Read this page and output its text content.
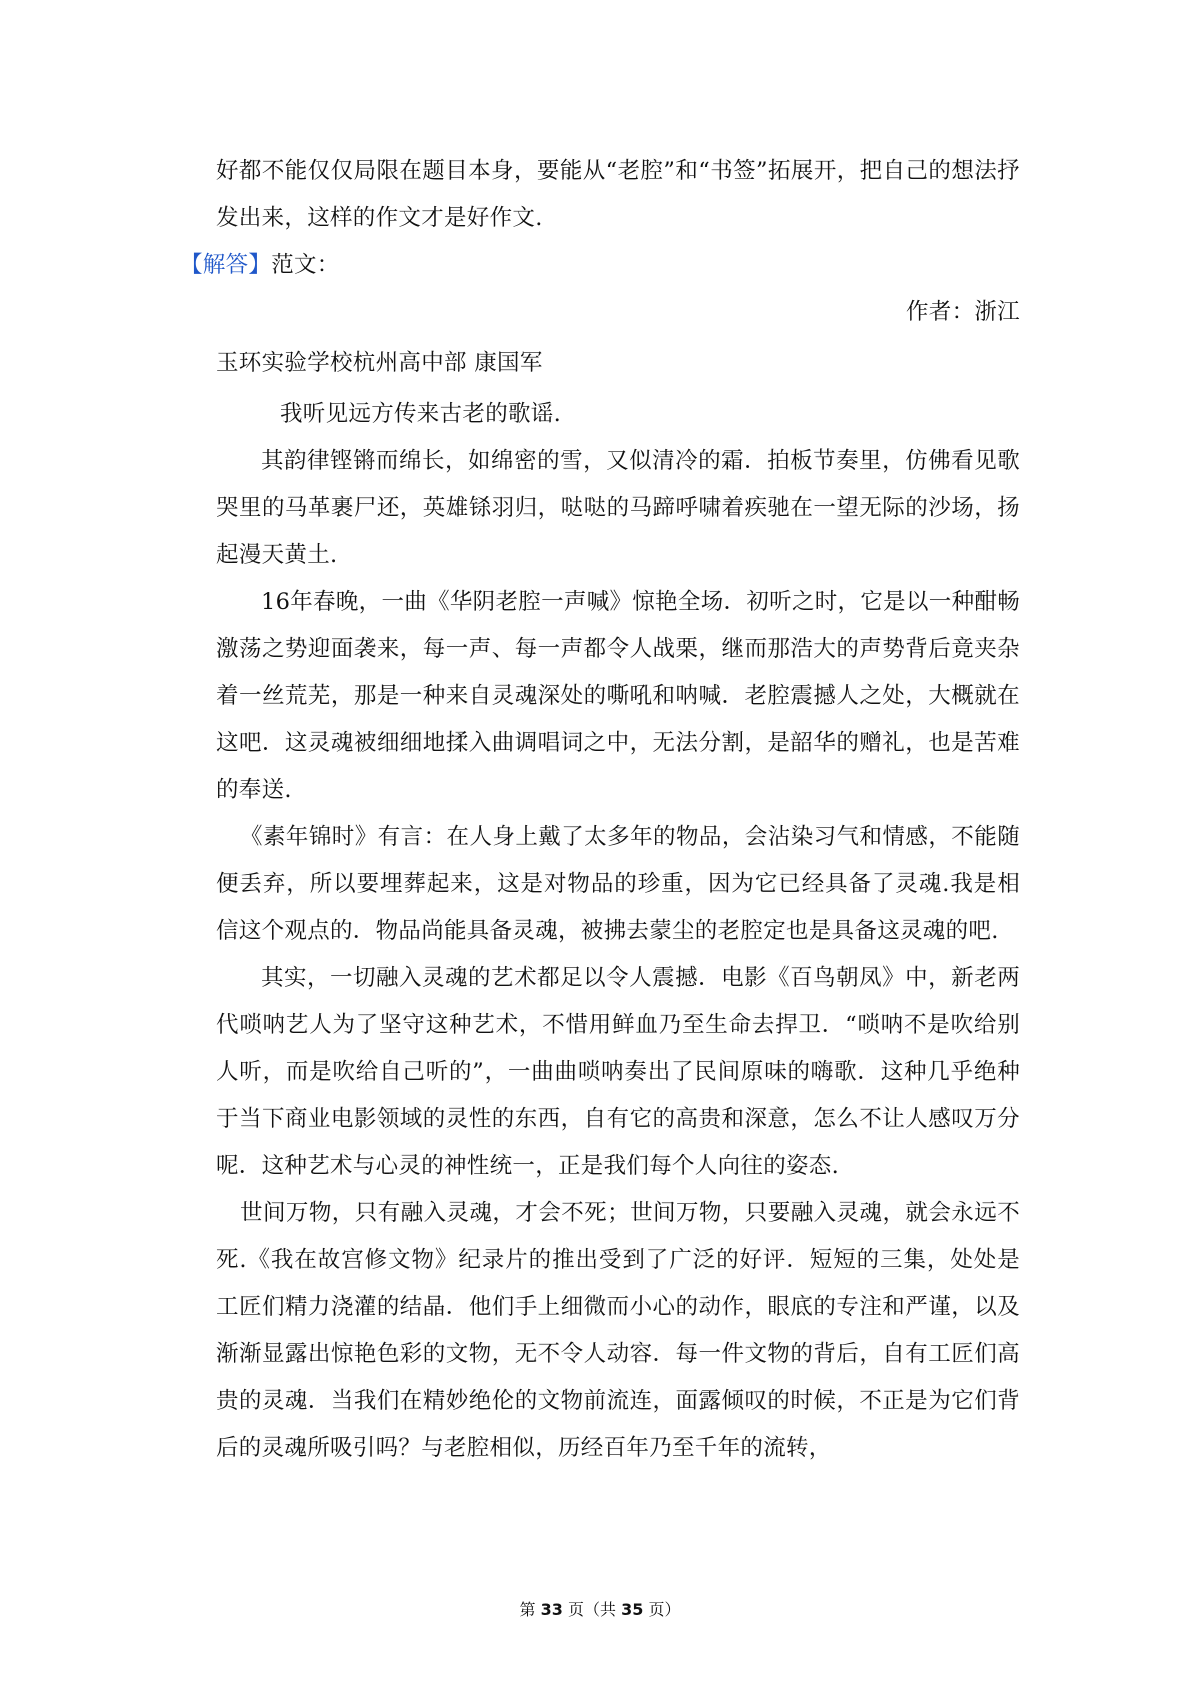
好都不能仅仅局限在题目本身，要能从“老腔”和“书签”拓展开，把自己的想法抒发出来，这样的作文才是好作文.

【解答】范文：

作者：浙江

玉环实验学校杭州高中部 康国军

我听见远方传来古老的歌谣.

其韵律铿锵而绵长，如绵密的雪，又似清冷的霜．拍板节奏里，仿佛看见歌哭里的马革裹尸还，英雄铩羽归，哒哒的马蹄呼啸着疾驰在一望无际的沙场，扬起漫天黄土.

16年春晚，一曲《华阴老腔一声喊》惊艳全场．初听之时，它是以一种酣畅激荡之势迎面袭来，每一声、每一声都令人战栗，继而那浩大的声势背后竟夹杂着一丝荒芜，那是一种来自灵魂深处的嘶吼和呐喊．老腔震撼人之处，大概就在这吧．这灵魂被细细地揉入曲调唱词之中，无法分割，是韶华的赠礼，也是苦难的奉送.

《素年锦时》有言：在人身上戴了太多年的物品，会沾染习气和情感，不能随便丢弃，所以要埋葬起来，这是对物品的珍重，因为它已经具备了灵魂.我是相信这个观点的．物品尚能具备灵魂，被拂去蒙尘的老腔定也是具备这灵魂的吧.

其实，一切融入灵魂的艺术都足以令人震撼．电影《百鸟朝凤》中，新老两代唢呐艺人为了坚守这种艺术，不惜用鲜血乃至生命去捍卫．“唢呐不是吹给别人听，而是吹给自己听的”，一曲曲唢呐奏出了民间原味的嗨歌．这种几乎绝种于当下商业电影领域的灵性的东西，自有它的高贵和深意，怎么不让人感叹万分呢．这种艺术与心灵的神性统一，正是我们每个人向往的姿态.

世间万物，只有融入灵魂，才会不死；世间万物，只要融入灵魂，就会永远不死.《我在故宫修文物》纪录片的推出受到了广泛的好评．短短的三集，处处是工匠们精力浇灌的结晶．他们手上细微而小心的动作，眼底的专注和严谨，以及渐渐显露出惊艳色彩的文物，无不令人动容．每一件文物的背后，自有工匠们高贵的灵魂．当我们在精妙绝伦的文物前流连，面露倾叹的时候，不正是为它们背后的灵魂所吸引吗？与老腔相似，历经百年乃至千年的流转，

第 33 页（共 35 页）
